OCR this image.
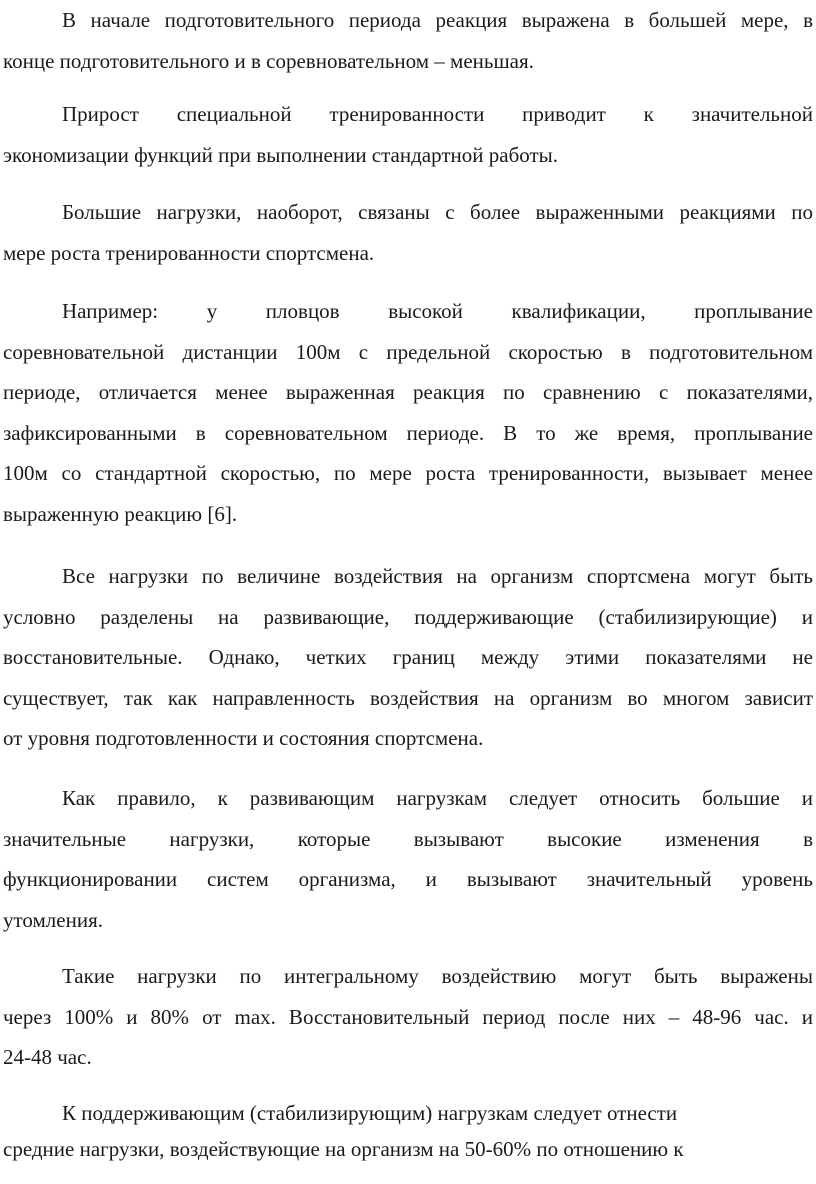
В начале подготовительного периода реакция выражена в большей мере, в
конце подготовительного и в соревновательном – меньшая.
Прирост специальной тренированности приводит к значительной
экономизации функций при выполнении стандартной работы.
Большие нагрузки, наоборот, связаны с более выраженными реакциями по
мере роста тренированности спортсмена.
Например: у пловцов высокой квалификации, проплывание
соревновательной дистанции 100м с предельной скоростью в подготовительном
периоде, отличается менее выраженная реакция по сравнению с показателями,
зафиксированными в соревновательном периоде. В то же время, проплывание
100м со стандартной скоростью, по мере роста тренированности, вызывает менее
выраженную реакцию [6].
Все нагрузки по величине воздействия на организм спортсмена могут быть
условно разделены на развивающие, поддерживающие (стабилизирующие) и
восстановительные. Однако, четких границ между этими показателями не
существует, так как направленность воздействия на организм во многом зависит
от уровня подготовленности и состояния спортсмена.
Как правило, к развивающим нагрузкам следует относить большие и
значительные нагрузки, которые вызывают высокие изменения в
функционировании систем организма, и вызывают значительный уровень
утомления.
Такие нагрузки по интегральному воздействию могут быть выражены
через 100% и 80% от max. Восстановительный период после них – 48-96 час. и
24-48 час.
К поддерживающим (стабилизирующим) нагрузкам следует отнести
средние нагрузки, воздействующие на организм на 50-60% по отношению к
